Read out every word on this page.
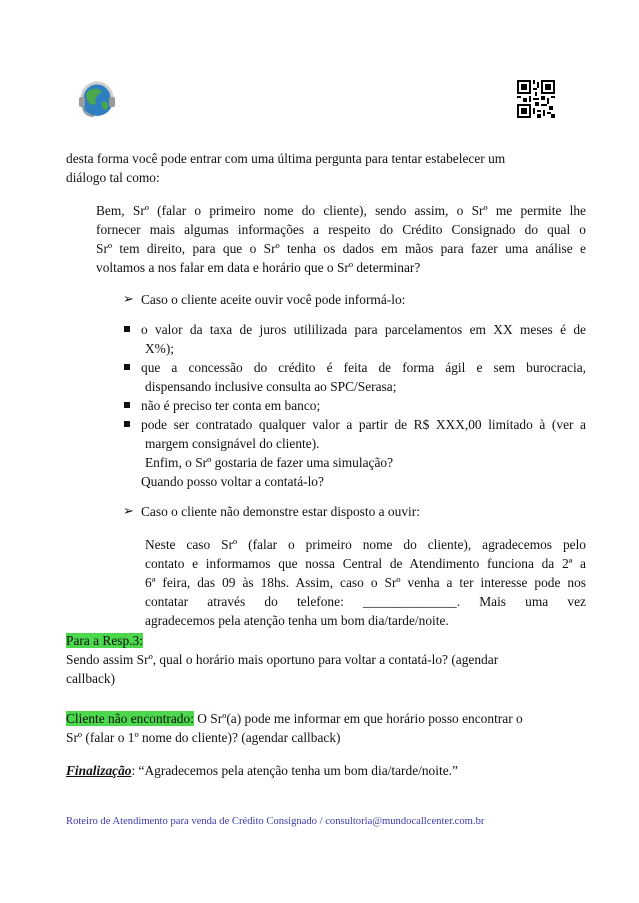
desta forma você pode entrar com uma última pergunta para tentar estabelecer um
diálogo tal como:
Bem, Srº (falar o primeiro nome do cliente), sendo assim, o Srº me permite lhe
fornecer mais algumas informações a respeito do Crédito Consignado do qual o
Srº tem direito, para que o Srº tenha os dados em mãos para fazer uma análise e
voltamos a nos falar em data e horário que o Srº determinar?
➢ Caso o cliente aceite ouvir você pode informá-lo:
o valor da taxa de juros utililizada para parcelamentos em XX meses é de
X%);
que a concessão do crédito é feita de forma ágil e sem burocracia,
dispensando inclusive consulta ao SPC/Serasa;
não é preciso ter conta em banco;
pode ser contratado qualquer valor a partir de R$ XXX,00 limitado à (ver a
margem consignável do cliente).
Enfim, o Srº gostaria de fazer uma simulação?
Quando posso voltar a contatá-lo?
➢ Caso o cliente não demonstre estar disposto a ouvir:
Neste caso Srº (falar o primeiro nome do cliente), agradecemos pelo
contato e informamos que nossa Central de Atendimento funciona da 2ª a
6ª feira, das 09 às 18hs. Assim, caso o Srº venha a ter interesse pode nos
contatar através do telefone: ______________. Mais uma vez
agradecemos pela atenção tenha um bom dia/tarde/noite.
Para a Resp.3:
Sendo assim Srº, qual o horário mais oportuno para voltar a contatá-lo? (agendar
callback)
Cliente não encontrado: O Srº(a) pode me informar em que horário posso encontrar o
Srº (falar o 1º nome do cliente)? (agendar callback)
Finalização: “Agradecemos pela atenção tenha um bom dia/tarde/noite.”
Roteiro de Atendimento para venda de Crédito Consignado / consultoria@mundocallcenter.com.br
